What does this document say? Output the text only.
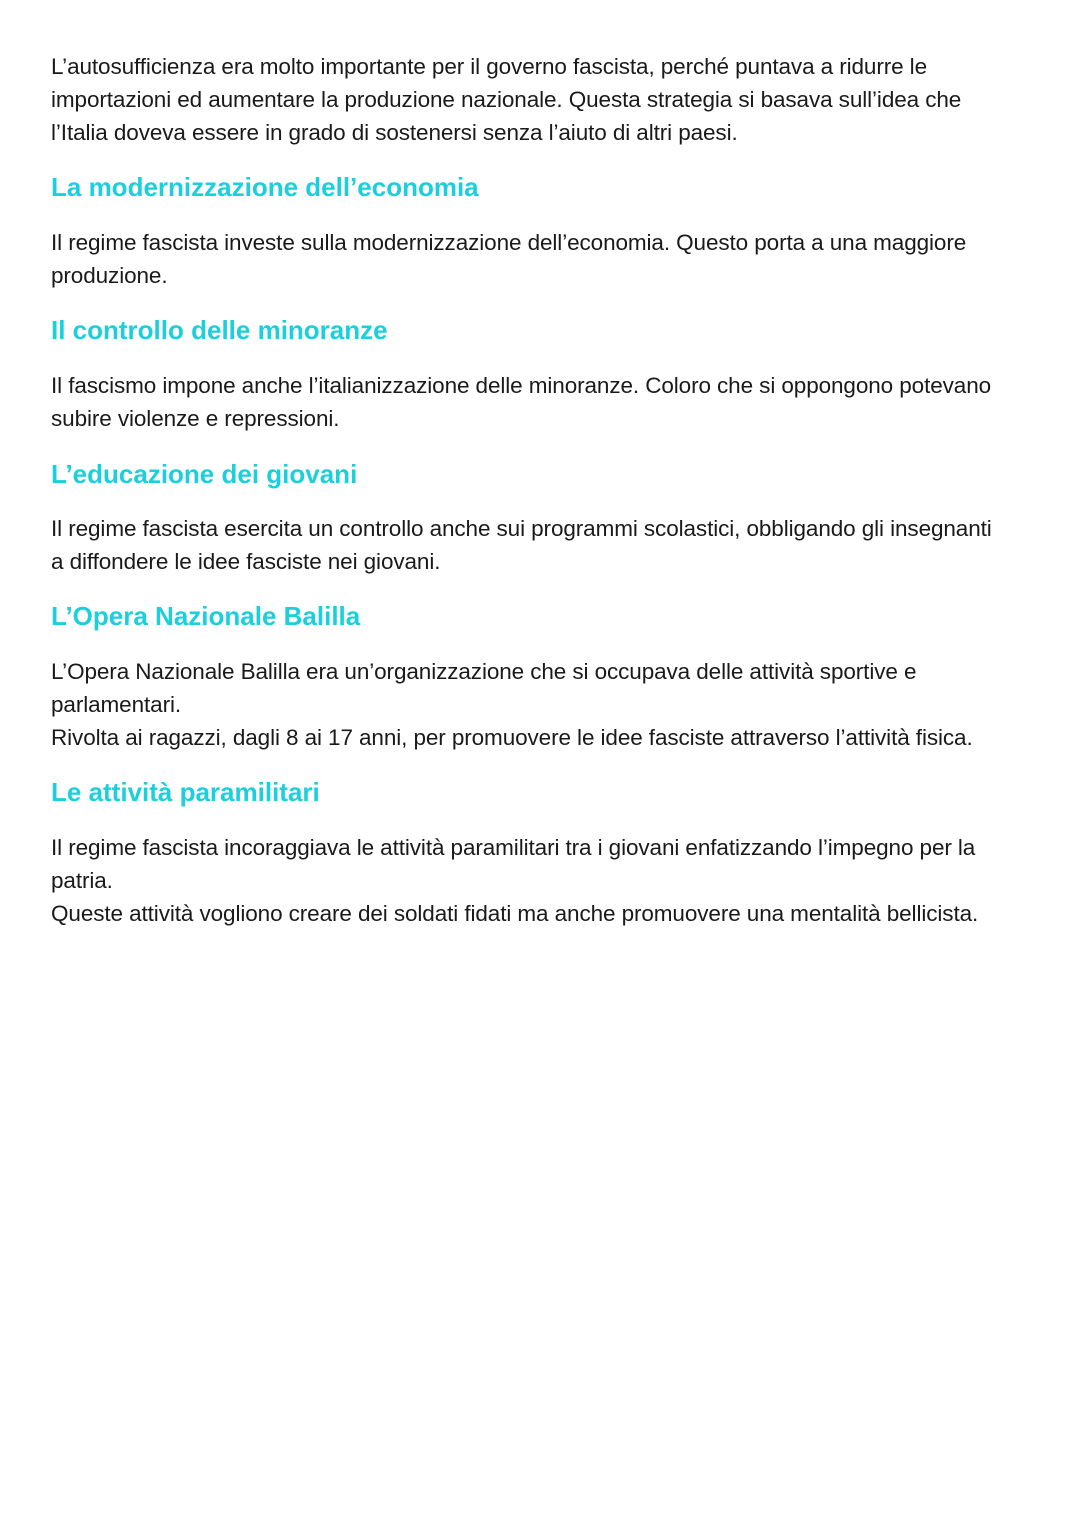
L’autosufficienza era molto importante per il governo fascista, perché puntava a ridurre le
importazioni ed aumentare la produzione nazionale. Questa strategia si basava sull’idea che
l’Italia doveva essere in grado di sostenersi senza l’aiuto di altri paesi.

La modernizzazione dell’economia

Il regime fascista investe sulla modernizzazione dell’economia. Questo porta a una maggiore
produzione.

Il controllo delle minoranze

Il fascismo impone anche l’italianizzazione delle minoranze. Coloro che si oppongono potevano
subire violenze e repressioni.

L’educazione dei giovani

Il regime fascista esercita un controllo anche sui programmi scolastici, obbligando gli insegnanti
a diffondere le idee fasciste nei giovani.

L’Opera Nazionale Balilla

L’Opera Nazionale Balilla era un’organizzazione che si occupava delle attività sportive e
parlamentari.
Rivolta ai ragazzi, dagli 8 ai 17 anni, per promuovere le idee fasciste attraverso l’attività fisica.

Le attività paramilitari

Il regime fascista incoraggiava le attività paramilitari tra i giovani enfatizzando l’impegno per la
patria.
Queste attività vogliono creare dei soldati fidati ma anche promuovere una mentalità bellicista.
